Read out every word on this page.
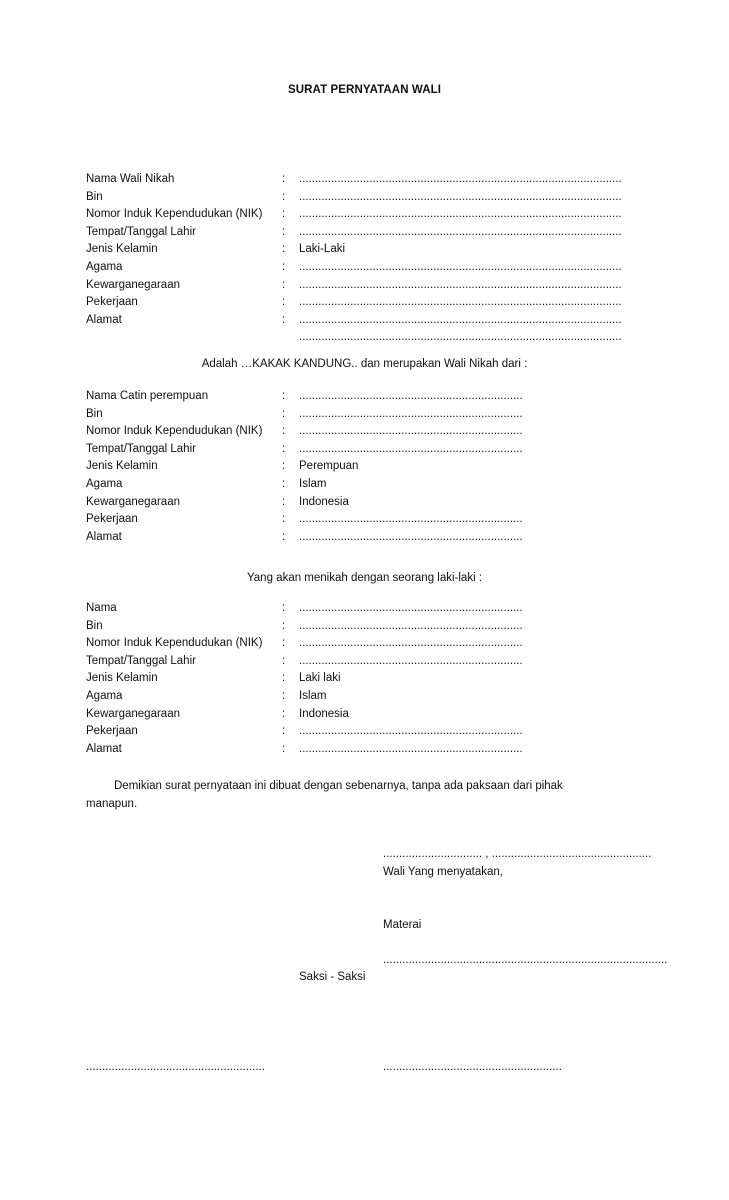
SURAT PERNYATAAN WALI
Nama Wali Nikah	: .....................................................................................................
Bin	: .....................................................................................................
Nomor Induk Kependudukan (NIK) : .....................................................................................................
Tempat/Tanggal Lahir	: .....................................................................................................
Jenis Kelamin	: Laki-Laki
Agama	: .....................................................................................................
Kewarganegaraan	: .....................................................................................................
Pekerjaan	: .....................................................................................................
Alamat	: .....................................................................................................
.....................................................................................................
Adalah …KAKAK KANDUNG.. dan merupakan Wali Nikah dari :
Nama Catin perempuan	: ......................................................................
Bin	: ......................................................................
Nomor Induk Kependudukan (NIK) : ......................................................................
Tempat/Tanggal Lahir	: ......................................................................
Jenis Kelamin	: Perempuan
Agama	: Islam
Kewarganegaraan	: Indonesia
Pekerjaan	: ......................................................................
Alamat	: ......................................................................
Yang akan menikah dengan seorang laki-laki :
Nama	: ......................................................................
Bin	: ......................................................................
Nomor Induk Kependudukan (NIK) : ......................................................................
Tempat/Tanggal Lahir	: ......................................................................
Jenis Kelamin	: Laki laki
Agama	: Islam
Kewarganegaraan	: Indonesia
Pekerjaan	: ......................................................................
Alamat	: ......................................................................
Demikian surat pernyataan ini dibuat dengan sebenarnya, tanpa ada paksaan dari pihak manapun.
............................... , ..................................................
Wali Yang menyatakan,
Materai
.........................................................................................
Saksi - Saksi
........................................................	........................................................
